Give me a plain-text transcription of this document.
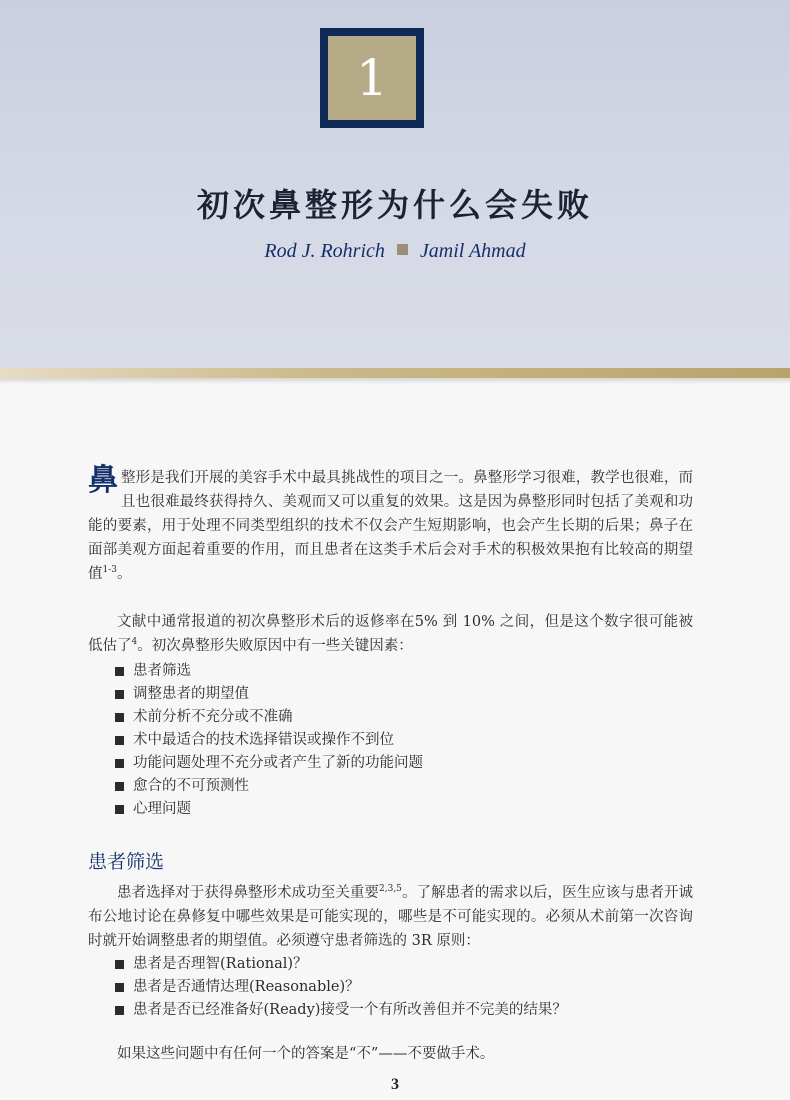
1
初次鼻整形为什么会失败
Rod J. Rohrich Jamil Ahmad

鼻整形是我们开展的美容手术中最具挑战性的项目之一。鼻整形学习很难，教学也很难，而且也很难最终获得持久、美观而又可以重复的效果。这是因为鼻整形同时包括了美观和功能的要素，用于处理不同类型组织的技术不仅会产生短期影响，也会产生长期的后果；鼻子在面部美观方面起着重要的作用，而且患者在这类手术后会对手术的积极效果抱有比较高的期望值$^{1-3}$。

文献中通常报道的初次鼻整形术后的返修率在5% 到 10% 之间，但是这个数字很可能被低估了$^4$。初次鼻整形失败原因中有一些关键因素：

患者筛选
调整患者的期望值
术前分析不充分或不准确
术中最适合的技术选择错误或操作不到位
功能问题处理不充分或者产生了新的功能问题
愈合的不可预测性
心理问题
患者筛选

患者选择对于获得鼻整形术成功至关重要$^{2,3,5}$。了解患者的需求以后，医生应该与患者开诚布公地讨论在鼻修复中哪些效果是可能实现的，哪些是不可能实现的。必须从术前第一次咨询时就开始调整患者的期望值。必须遵守患者筛选的 3R 原则：

患者是否理智(Rational)？
患者是否通情达理(Reasonable)？
患者是否已经准备好(Ready)接受一个有所改善但并不完美的结果？

如果这些问题中有任何一个的答案是“不”——不要做手术。

3
